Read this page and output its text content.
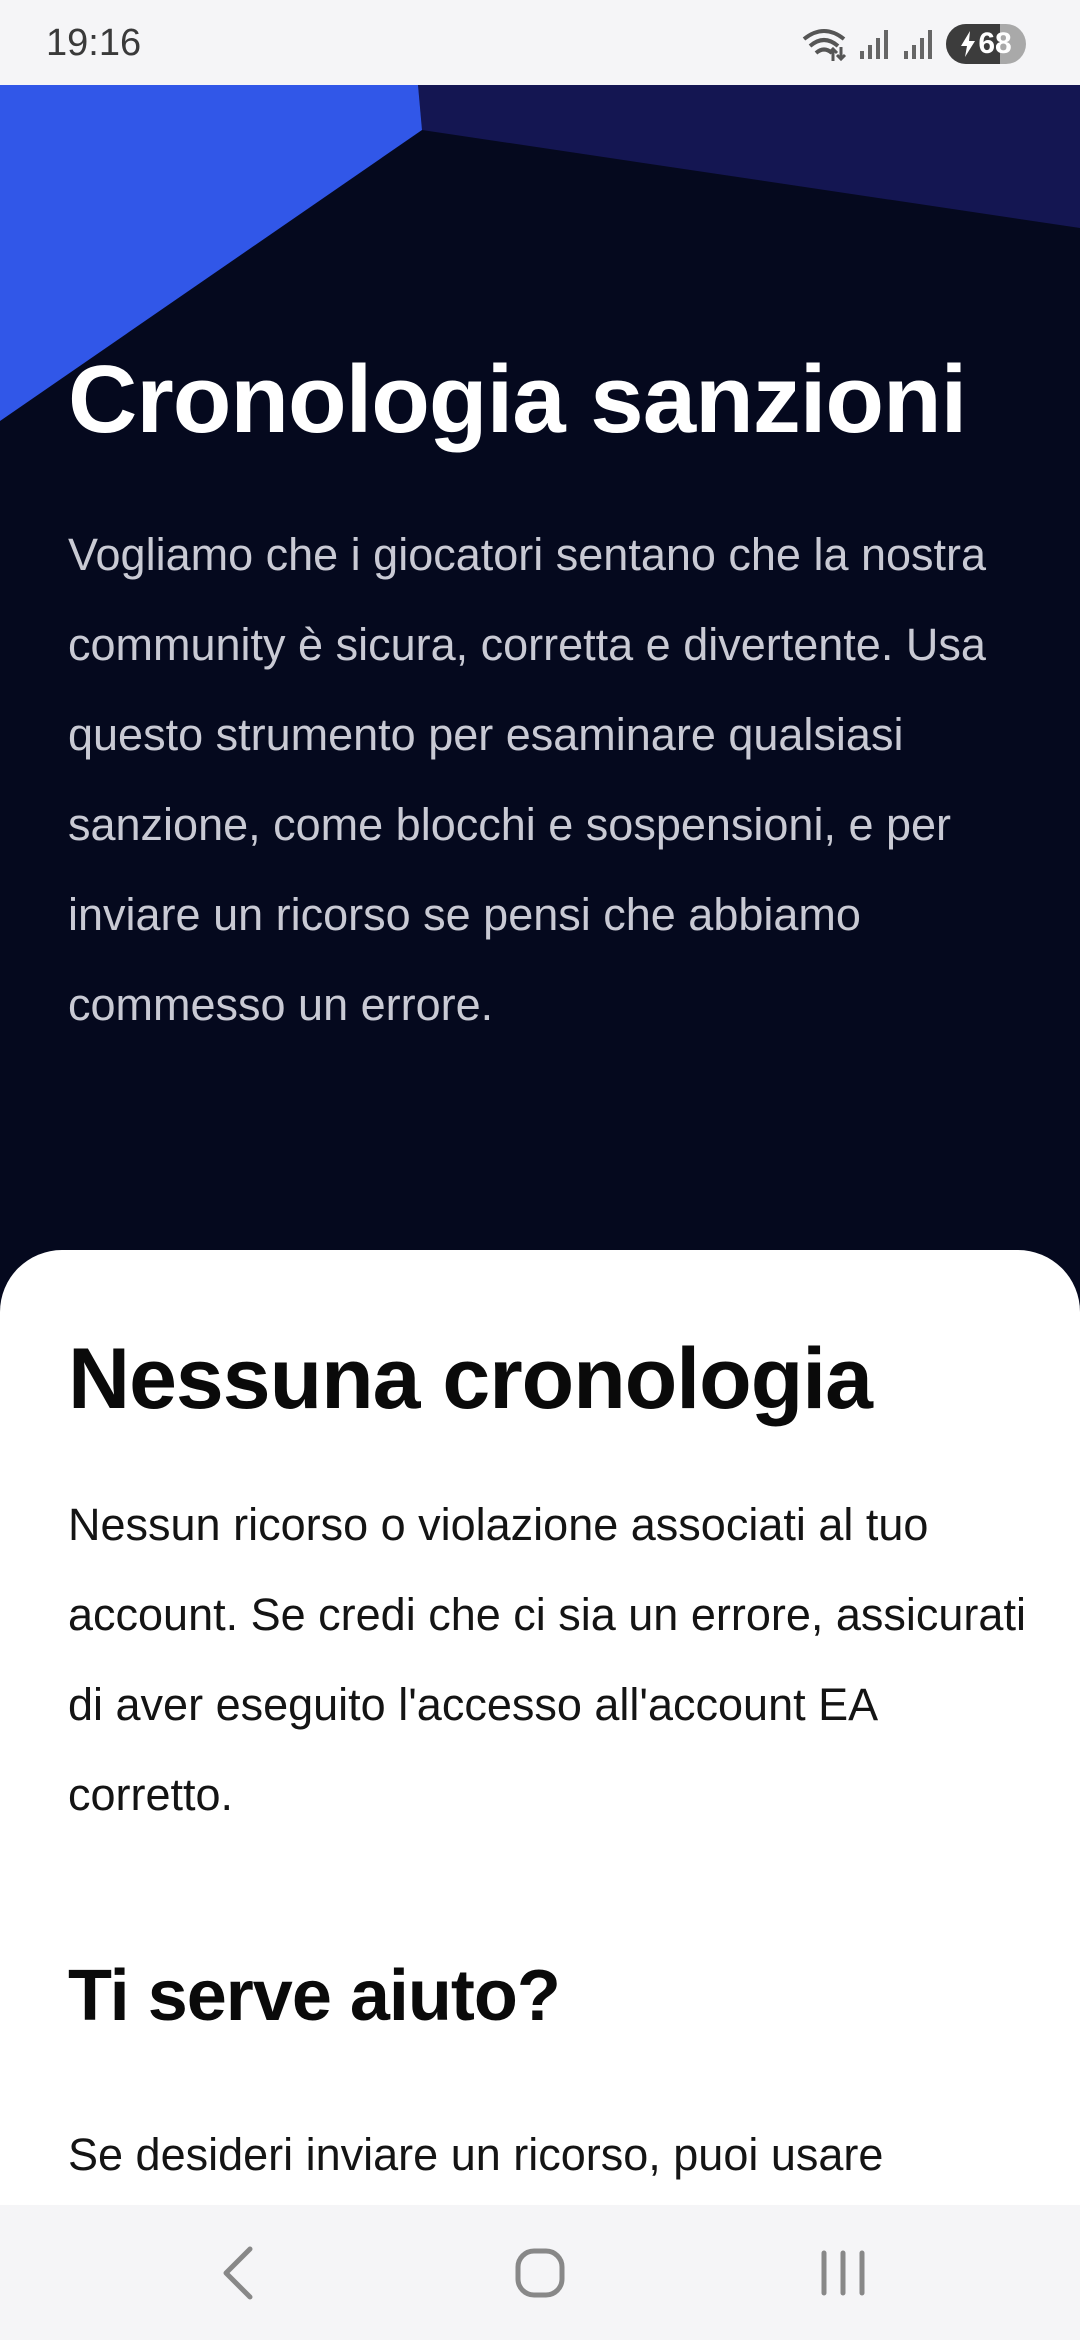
19:16	68
Cronologia sanzioni

Vogliamo che i giocatori sentano che la nostra community è sicura, corretta e divertente. Usa questo strumento per esaminare qualsiasi sanzione, come blocchi e sospensioni, e per inviare un ricorso se pensi che abbiamo commesso un errore.

Nessuna cronologia

Nessun ricorso o violazione associati al tuo account. Se credi che ci sia un errore, assicurati di aver eseguito l'accesso all'account EA corretto.

Ti serve aiuto?

Se desideri inviare un ricorso, puoi usare
